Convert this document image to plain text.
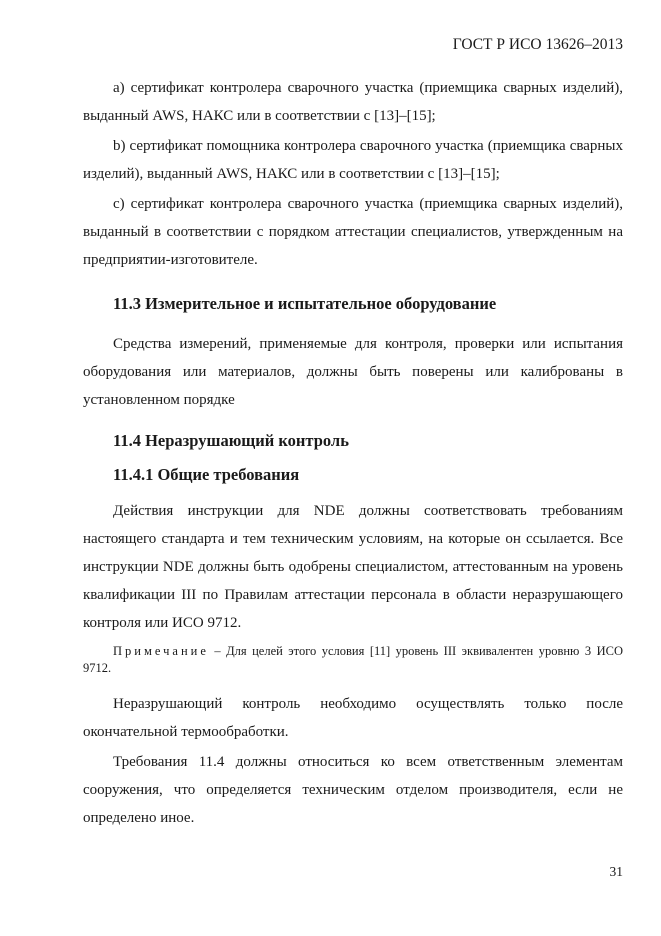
ГОСТ Р ИСО 13626–2013

а) сертификат контролера сварочного участка (приемщика сварных изделий), выданный AWS, НАКС или в соответствии с [13]–[15];

b) сертификат помощника контролера сварочного участка (приемщика сварных изделий), выданный AWS, НАКС или в соответствии с [13]–[15];

с) сертификат контролера сварочного участка (приемщика сварных изделий), выданный в соответствии с порядком аттестации специалистов, утвержденным на предприятии-изготовителе.

11.3 Измерительное и испытательное оборудование

Средства измерений, применяемые для контроля, проверки или испытания оборудования или материалов, должны быть поверены или калиброваны в установленном порядке

11.4 Неразрушающий контроль
11.4.1 Общие требования

Действия инструкции для NDE должны соответствовать требованиям настоящего стандарта и тем техническим условиям, на которые он ссылается. Все инструкции NDE должны быть одобрены специалистом, аттестованным на уровень квалификации III по Правилам аттестации персонала в области неразрушающего контроля или ИСО 9712.

Примечание – Для целей этого условия [11] уровень III эквивалентен уровню 3 ИСО 9712.

Неразрушающий контроль необходимо осуществлять только после окончательной термообработки.

Требования 11.4 должны относиться ко всем ответственным элементам сооружения, что определяется техническим отделом производителя, если не определено иное.

31
